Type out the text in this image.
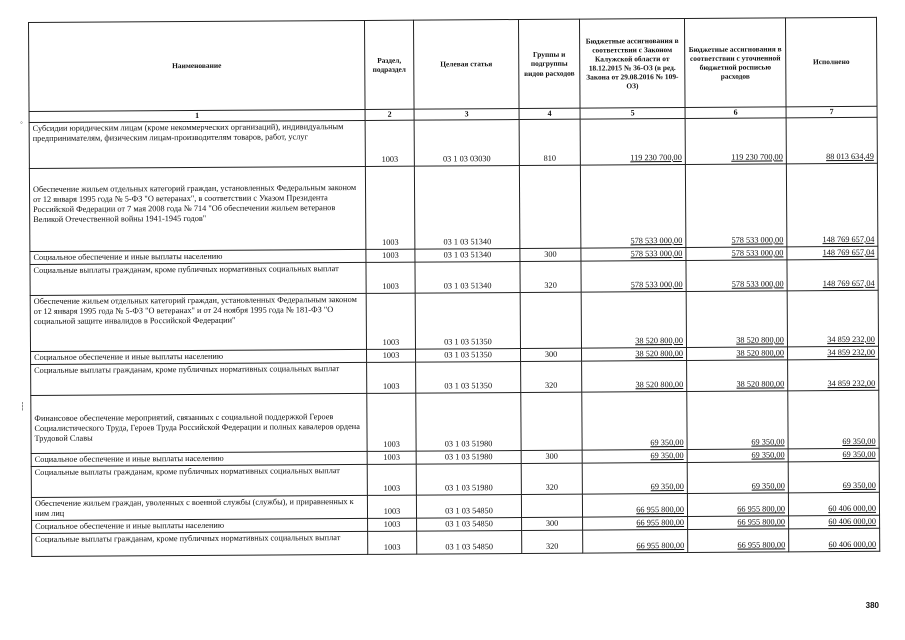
Наименование	Раздел, подраздел	Целевая статья	Группы и подгруппы видов расходов	Бюджетные ассигнования в соответствии с Законом Калужской области от 18.12.2015 № 36-ОЗ (в ред. Закона от 29.08.2016 № 109-ОЗ)	Бюджетные ассигнования в соответствии с уточненной бюджетной росписью расходов	Исполнено
1	2	3	4	5	6	7
Субсидии юридическим лицам (кроме некоммерческих организаций), индивидуальным предпринимателям, физическим лицам-производителям товаров, работ, услуг	1003	03 1 03 03030	810	119 230 700,00	119 230 700,00	88 013 634,49
Обеспечение жильем отдельных категорий граждан, установленных Федеральным законом от 12 января 1995 года № 5-ФЗ "О ветеранах", в соответствии с Указом Президента Российской Федерации от 7 мая 2008 года № 714 "Об обеспечении жильем ветеранов Великой Отечественной войны 1941-1945 годов"	1003	03 1 03 51340		578 533 000,00	578 533 000,00	148 769 657,04
Социальное обеспечение и иные выплаты населению	1003	03 1 03 51340	300	578 533 000,00	578 533 000,00	148 769 657,04
Социальные выплаты гражданам, кроме публичных нормативных социальных выплат	1003	03 1 03 51340	320	578 533 000,00	578 533 000,00	148 769 657,04
Обеспечение жильем отдельных категорий граждан, установленных Федеральным законом от 12 января 1995 года № 5-ФЗ "О ветеранах" и от 24 ноября 1995 года № 181-ФЗ "О социальной защите инвалидов в Российской Федерации"	1003	03 1 03 51350		38 520 800,00	38 520 800,00	34 859 232,00
Социальное обеспечение и иные выплаты населению	1003	03 1 03 51350	300	38 520 800,00	38 520 800,00	34 859 232,00
Социальные выплаты гражданам, кроме публичных нормативных социальных выплат	1003	03 1 03 51350	320	38 520 800,00	38 520 800,00	34 859 232,00
Финансовое обеспечение мероприятий, связанных с социальной поддержкой Героев Социалистического Труда, Героев Труда Российской Федерации и полных кавалеров ордена Трудовой Славы	1003	03 1 03 51980		69 350,00	69 350,00	69 350,00
Социальное обеспечение и иные выплаты населению	1003	03 1 03 51980	300	69 350,00	69 350,00	69 350,00
Социальные выплаты гражданам, кроме публичных нормативных социальных выплат	1003	03 1 03 51980	320	69 350,00	69 350,00	69 350,00
Обеспечение жильем граждан, уволенных с военной службы (службы), и приравненных к ним лиц	1003	03 1 03 54850		66 955 800,00	66 955 800,00	60 406 000,00
Социальное обеспечение и иные выплаты населению	1003	03 1 03 54850	300	66 955 800,00	66 955 800,00	60 406 000,00
Социальные выплаты гражданам, кроме публичных нормативных социальных выплат	1003	03 1 03 54850	320	66 955 800,00	66 955 800,00	60 406 000,00
◦
┆
380
